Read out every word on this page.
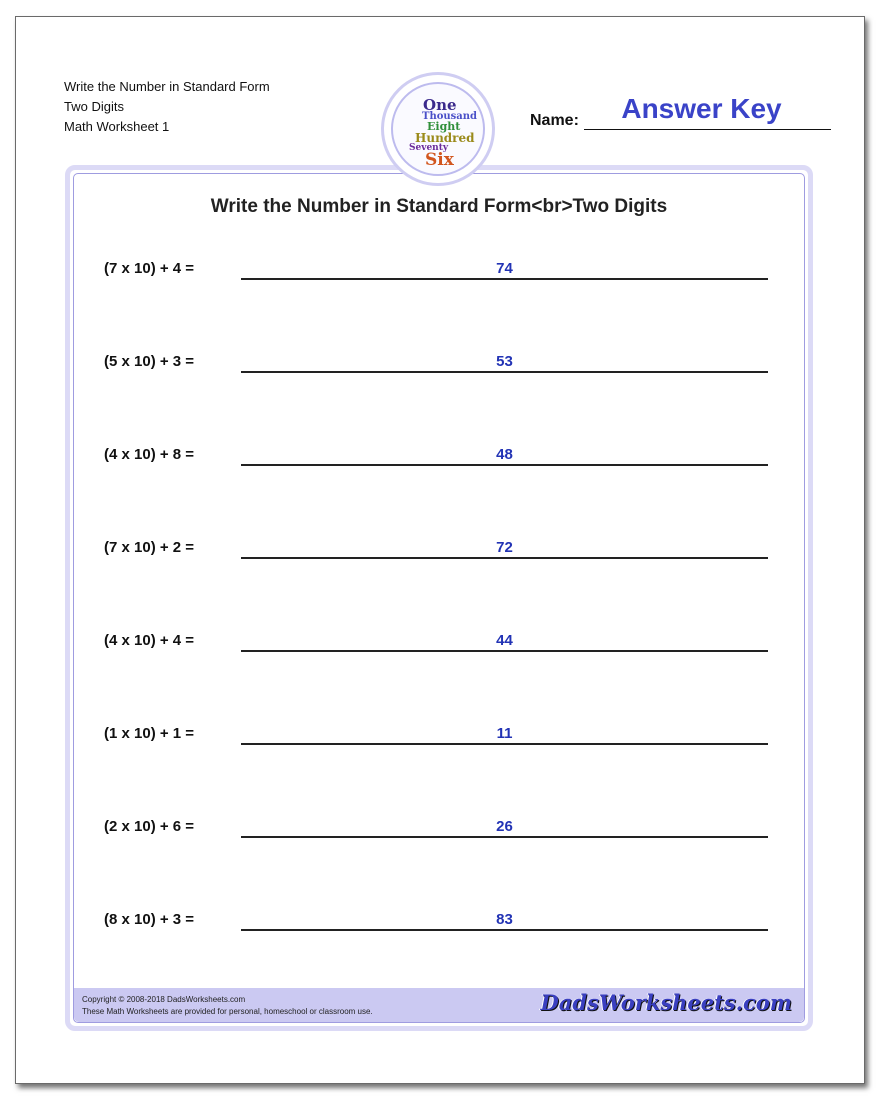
Write the Number in Standard Form
Two Digits
Math Worksheet 1
One
Thousand
Eight
Hundred
Seventy
Six
Name:	Answer Key
Write the Number in Standard Form<br>Two Digits
(7 x 10) + 4 =	74
(5 x 10) + 3 =	53
(4 x 10) + 8 =	48
(7 x 10) + 2 =	72
(4 x 10) + 4 =	44
(1 x 10) + 1 =	11
(2 x 10) + 6 =	26
(8 x 10) + 3 =	83
Copyright © 2008-2018 DadsWorksheets.com
These Math Worksheets are provided for personal, homeschool or classroom use.	DadsWorksheets.com
